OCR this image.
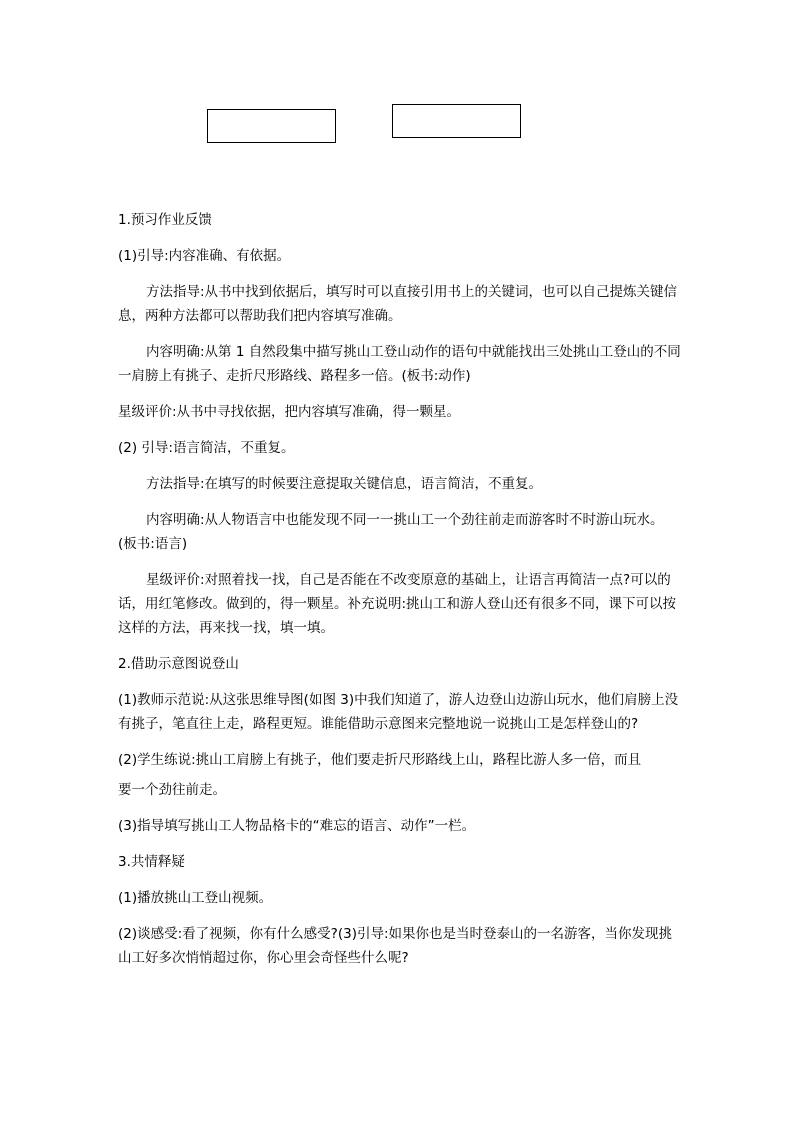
1.预习作业反馈

(1)引导:内容准确、有依据。

方法指导:从书中找到依据后，填写时可以直接引用书上的关键词，也可以自己提炼关键信息，两种方法都可以帮助我们把内容填写准确。

内容明确:从第 1 自然段集中描写挑山工登山动作的语句中就能找出三处挑山工登山的不同一肩膀上有挑子、走折尺形路线、路程多一倍。(板书:动作)

星级评价:从书中寻找依据，把内容填写准确，得一颗星。

(2) 引导:语言简洁，不重复。

方法指导:在填写的时候要注意提取关键信息，语言简洁，不重复。

内容明确:从人物语言中也能发现不同一一挑山工一个劲往前走而游客时不时游山玩水。(板书:语言)

星级评价:对照着找一找，自己是否能在不改变原意的基础上，让语言再简洁一点?可以的话，用红笔修改。做到的，得一颗星。补充说明:挑山工和游人登山还有很多不同，课下可以按这样的方法，再来找一找，填一填。

2.借助示意图说登山

(1)教师示范说:从这张思维导图(如图 3)中我们知道了，游人边登山边游山玩水，他们肩膀上没有挑子，笔直往上走，路程更短。谁能借助示意图来完整地说一说挑山工是怎样登山的?

(2)学生练说:挑山工肩膀上有挑子，他们要走折尺形路线上山，路程比游人多一倍，而且

要一个劲往前走。

(3)指导填写挑山工人物品格卡的“难忘的语言、动作”一栏。

3.共情释疑

(1)播放挑山工登山视频。

(2)谈感受:看了视频，你有什么感受?(3)引导:如果你也是当时登泰山的一名游客，当你发现挑山工好多次悄悄超过你，你心里会奇怪些什么呢?
